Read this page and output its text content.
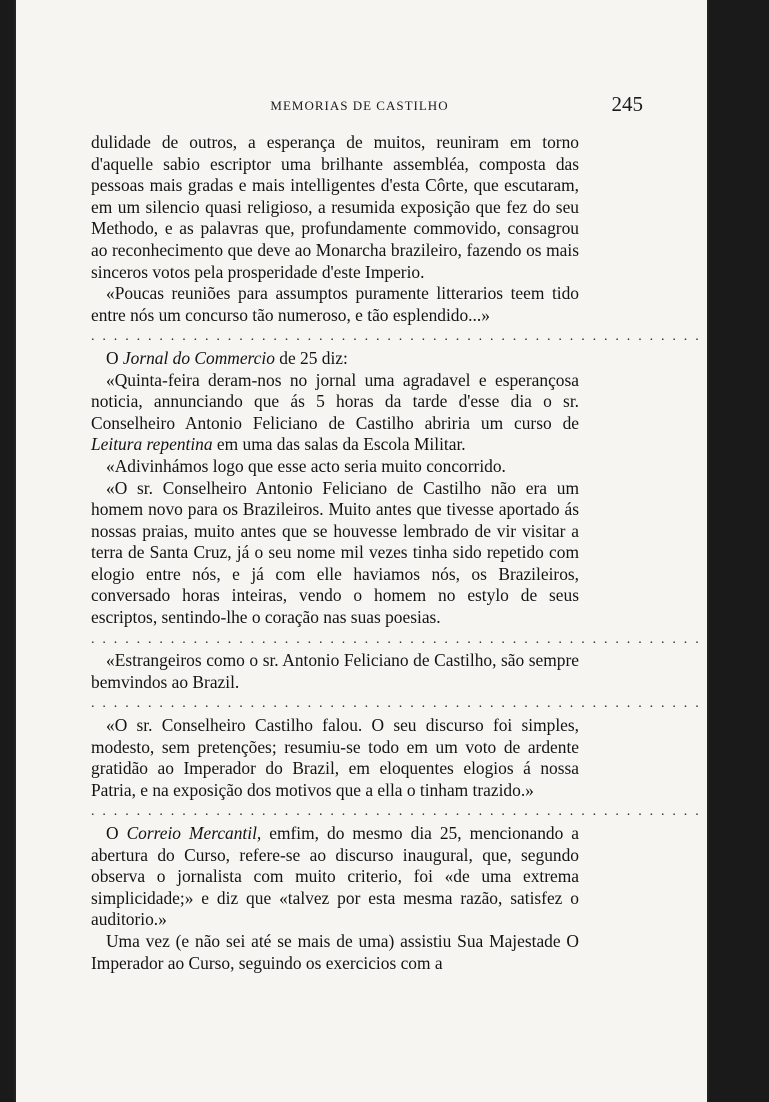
MEMORIAS DE CASTILHO	245

dulidade de outros, a esperança de muitos, reuniram em torno d'aquelle sabio escriptor uma brilhante assembléa, composta das pessoas mais gradas e mais intelligentes d'esta Côrte, que escutaram, em um silencio quasi religioso, a resumida exposição que fez do seu Methodo, e as palavras que, profundamente commovido, consagrou ao reconhecimento que deve ao Monarcha brazileiro, fazendo os mais sinceros votos pela prosperidade d'este Imperio.

«Poucas reuniões para assumptos puramente litterarios teem tido entre nós um concurso tão numeroso, e tão esplendido...»

. . . . . . . . . . . . . . . . . . . . . . . . . . . . . . . . . . . . . . . . . . . . . . . . . . . . . . . . . . . .

O Jornal do Commercio de 25 diz:

«Quinta-feira deram-nos no jornal uma agradavel e esperançosa noticia, annunciando que ás 5 horas da tarde d'esse dia o sr. Conselheiro Antonio Feliciano de Castilho abriria um curso de Leitura repentina em uma das salas da Escola Militar.

«Adivinhámos logo que esse acto seria muito concorrido.

«O sr. Conselheiro Antonio Feliciano de Castilho não era um homem novo para os Brazileiros. Muito antes que tivesse aportado ás nossas praias, muito antes que se houvesse lembrado de vir visitar a terra de Santa Cruz, já o seu nome mil vezes tinha sido repetido com elogio entre nós, e já com elle haviamos nós, os Brazileiros, conversado horas inteiras, vendo o homem no estylo de seus escriptos, sentindo-lhe o coração nas suas poesias.

. . . . . . . . . . . . . . . . . . . . . . . . . . . . . . . . . . . . . . . . . . . . . . . . . . . . . . . . . . . .

«Estrangeiros como o sr. Antonio Feliciano de Castilho, são sempre bemvindos ao Brazil.

. . . . . . . . . . . . . . . . . . . . . . . . . . . . . . . . . . . . . . . . . . . . . . . . . . . . . . . . . . . .

«O sr. Conselheiro Castilho falou. O seu discurso foi simples, modesto, sem pretenções; resumiu-se todo em um voto de ardente gratidão ao Imperador do Brazil, em eloquentes elogios á nossa Patria, e na exposição dos motivos que a ella o tinham trazido.»

. . . . . . . . . . . . . . . . . . . . . . . . . . . . . . . . . . . . . . . . . . . . . . . . . . . . . . . . . . . .

O Correio Mercantil, emfim, do mesmo dia 25, mencionando a abertura do Curso, refere-se ao discurso inaugural, que, segundo observa o jornalista com muito criterio, foi «de uma extrema simplicidade;» e diz que «talvez por esta mesma razão, satisfez o auditorio.»

Uma vez (e não sei até se mais de uma) assistiu Sua Majestade O Imperador ao Curso, seguindo os exercicios com a
